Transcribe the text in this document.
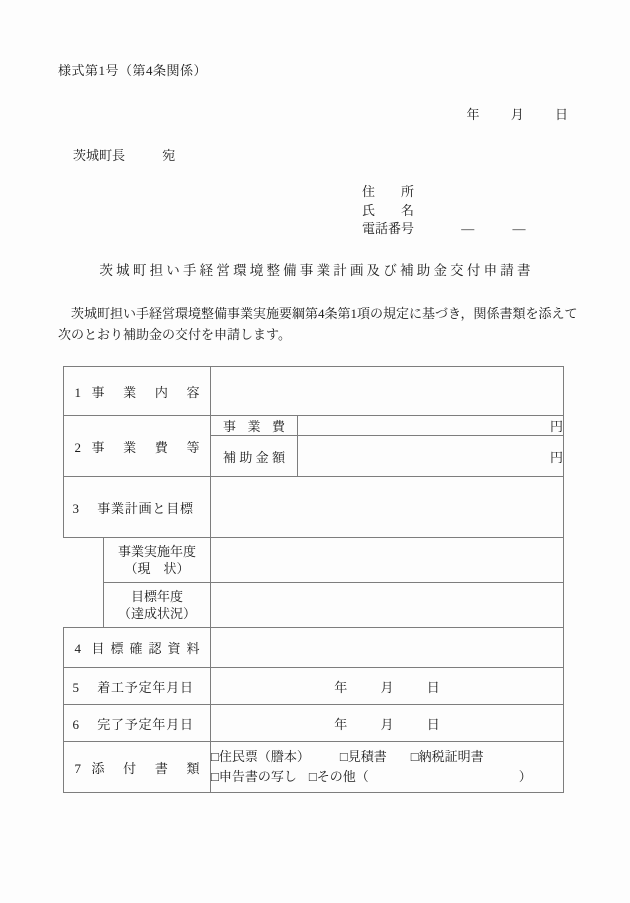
様式第1号（第4条関係）
年 月 日
茨城町長	宛
住　　所
氏　　名
電話番号	—	—
茨城町担い手経営環境整備事業計画及び補助金交付申請書
茨城町担い手経営環境整備事業実施要綱第4条第1項の規定に基づき，関係書類を添えて次のとおり補助金の交付を申請します。
1 事業内容			
2 事業費等		事業費	円
		補助金額	円
3 事業計画と目標			

	事業実施年度
（現　状）		

	目標年度
（達成状況）		

4 目標確認資料			
5 着工予定年月日		年 月 日	
6 完了予定年月日		年 月 日	
7 添付書類		□住民票（謄本） □見積書 □納税証明書
□申告書の写し □その他（ ）	
